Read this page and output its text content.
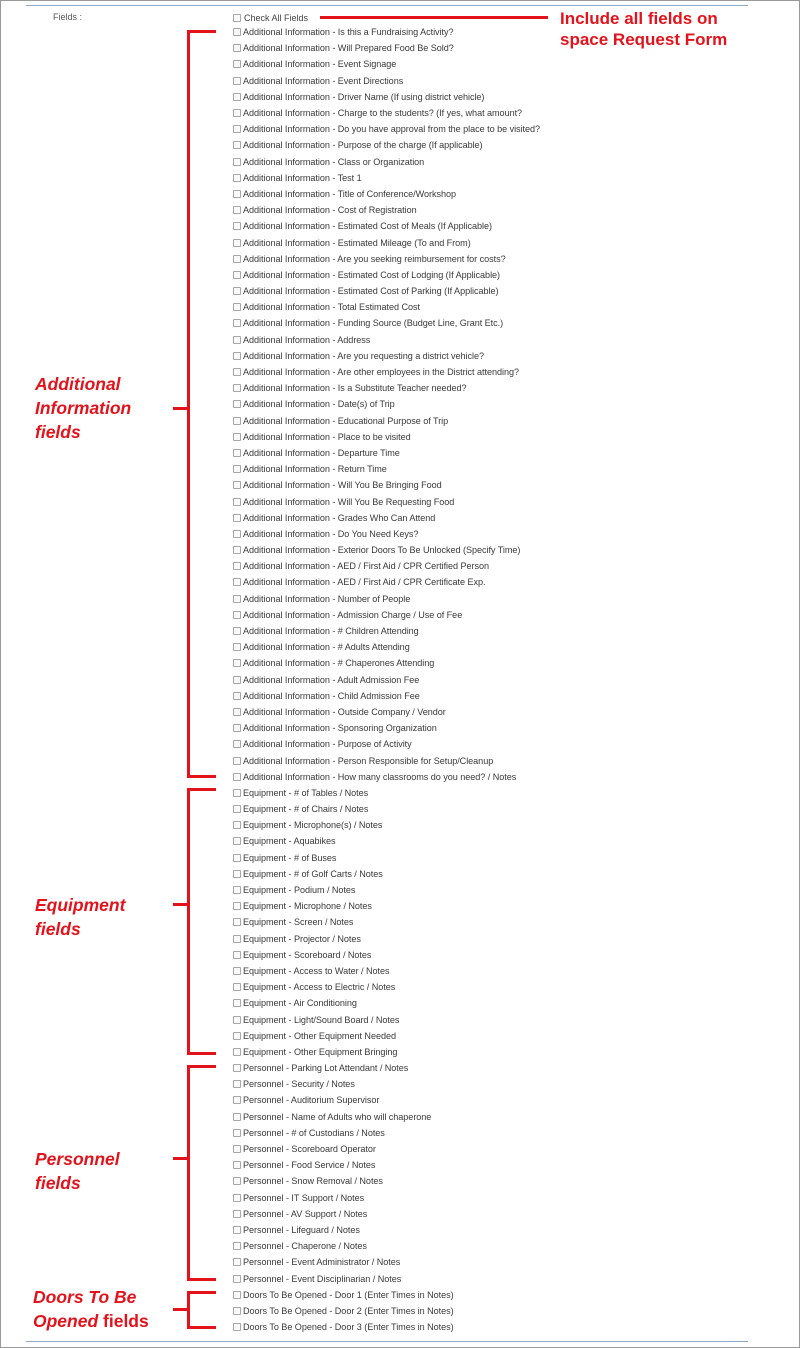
Fields :	Check All Fields
Additional Information - Is this a Fundraising Activity?
Additional Information - Will Prepared Food Be Sold?
Additional Information - Event Signage
Additional Information - Event Directions
Additional Information - Driver Name (If using district vehicle)
Additional Information - Charge to the students? (If yes, what amount?
Additional Information - Do you have approval from the place to be visited?
Additional Information - Purpose of the charge (If applicable)
Additional Information - Class or Organization
Additional Information - Test 1
Additional Information - Title of Conference/Workshop
Additional Information - Cost of Registration
Additional Information - Estimated Cost of Meals (If Applicable)
Additional Information - Estimated Mileage (To and From)
Additional Information - Are you seeking reimbursement for costs?
Additional Information - Estimated Cost of Lodging (If Applicable)
Additional Information - Estimated Cost of Parking (If Applicable)
Additional Information - Total Estimated Cost
Additional Information - Funding Source (Budget Line, Grant Etc.)
Additional Information - Address
Additional Information - Are you requesting a district vehicle?
Additional Information - Are other employees in the District attending?
Additional Information - Is a Substitute Teacher needed?
Additional Information - Date(s) of Trip
Additional Information - Educational Purpose of Trip
Additional Information - Place to be visited
Additional Information - Departure Time
Additional Information - Return Time
Additional Information - Will You Be Bringing Food
Additional Information - Will You Be Requesting Food
Additional Information - Grades Who Can Attend
Additional Information - Do You Need Keys?
Additional Information - Exterior Doors To Be Unlocked (Specify Time)
Additional Information - AED / First Aid / CPR Certified Person
Additional Information - AED / First Aid / CPR Certificate Exp.
Additional Information - Number of People
Additional Information - Admission Charge / Use of Fee
Additional Information - # Children Attending
Additional Information - # Adults Attending
Additional Information - # Chaperones Attending
Additional Information - Adult Admission Fee
Additional Information - Child Admission Fee
Additional Information - Outside Company / Vendor
Additional Information - Sponsoring Organization
Additional Information - Purpose of Activity
Additional Information - Person Responsible for Setup/Cleanup
Additional Information - How many classrooms do you need? / Notes
Equipment - # of Tables / Notes
Equipment - # of Chairs / Notes
Equipment - Microphone(s) / Notes
Equipment - Aquabikes
Equipment - # of Buses
Equipment - # of Golf Carts / Notes
Equipment - Podium / Notes
Equipment - Microphone / Notes
Equipment - Screen / Notes
Equipment - Projector / Notes
Equipment - Scoreboard / Notes
Equipment - Access to Water / Notes
Equipment - Access to Electric / Notes
Equipment - Air Conditioning
Equipment - Light/Sound Board / Notes
Equipment - Other Equipment Needed
Equipment - Other Equipment Bringing
Personnel - Parking Lot Attendant / Notes
Personnel - Security / Notes
Personnel - Auditorium Supervisor
Personnel - Name of Adults who will chaperone
Personnel - # of Custodians / Notes
Personnel - Scoreboard Operator
Personnel - Food Service / Notes
Personnel - Snow Removal / Notes
Personnel - IT Support / Notes
Personnel - AV Support / Notes
Personnel - Lifeguard / Notes
Personnel - Chaperone / Notes
Personnel - Event Administrator / Notes
Personnel - Event Disciplinarian / Notes
Doors To Be Opened - Door 1 (Enter Times in Notes)
Doors To Be Opened - Door 2 (Enter Times in Notes)
Doors To Be Opened - Door 3 (Enter Times in Notes)
Include all fields on
space Request Form
Additional
Information
fields
Equipment
fields
Personnel
fields
Doors To Be
Opened fields
